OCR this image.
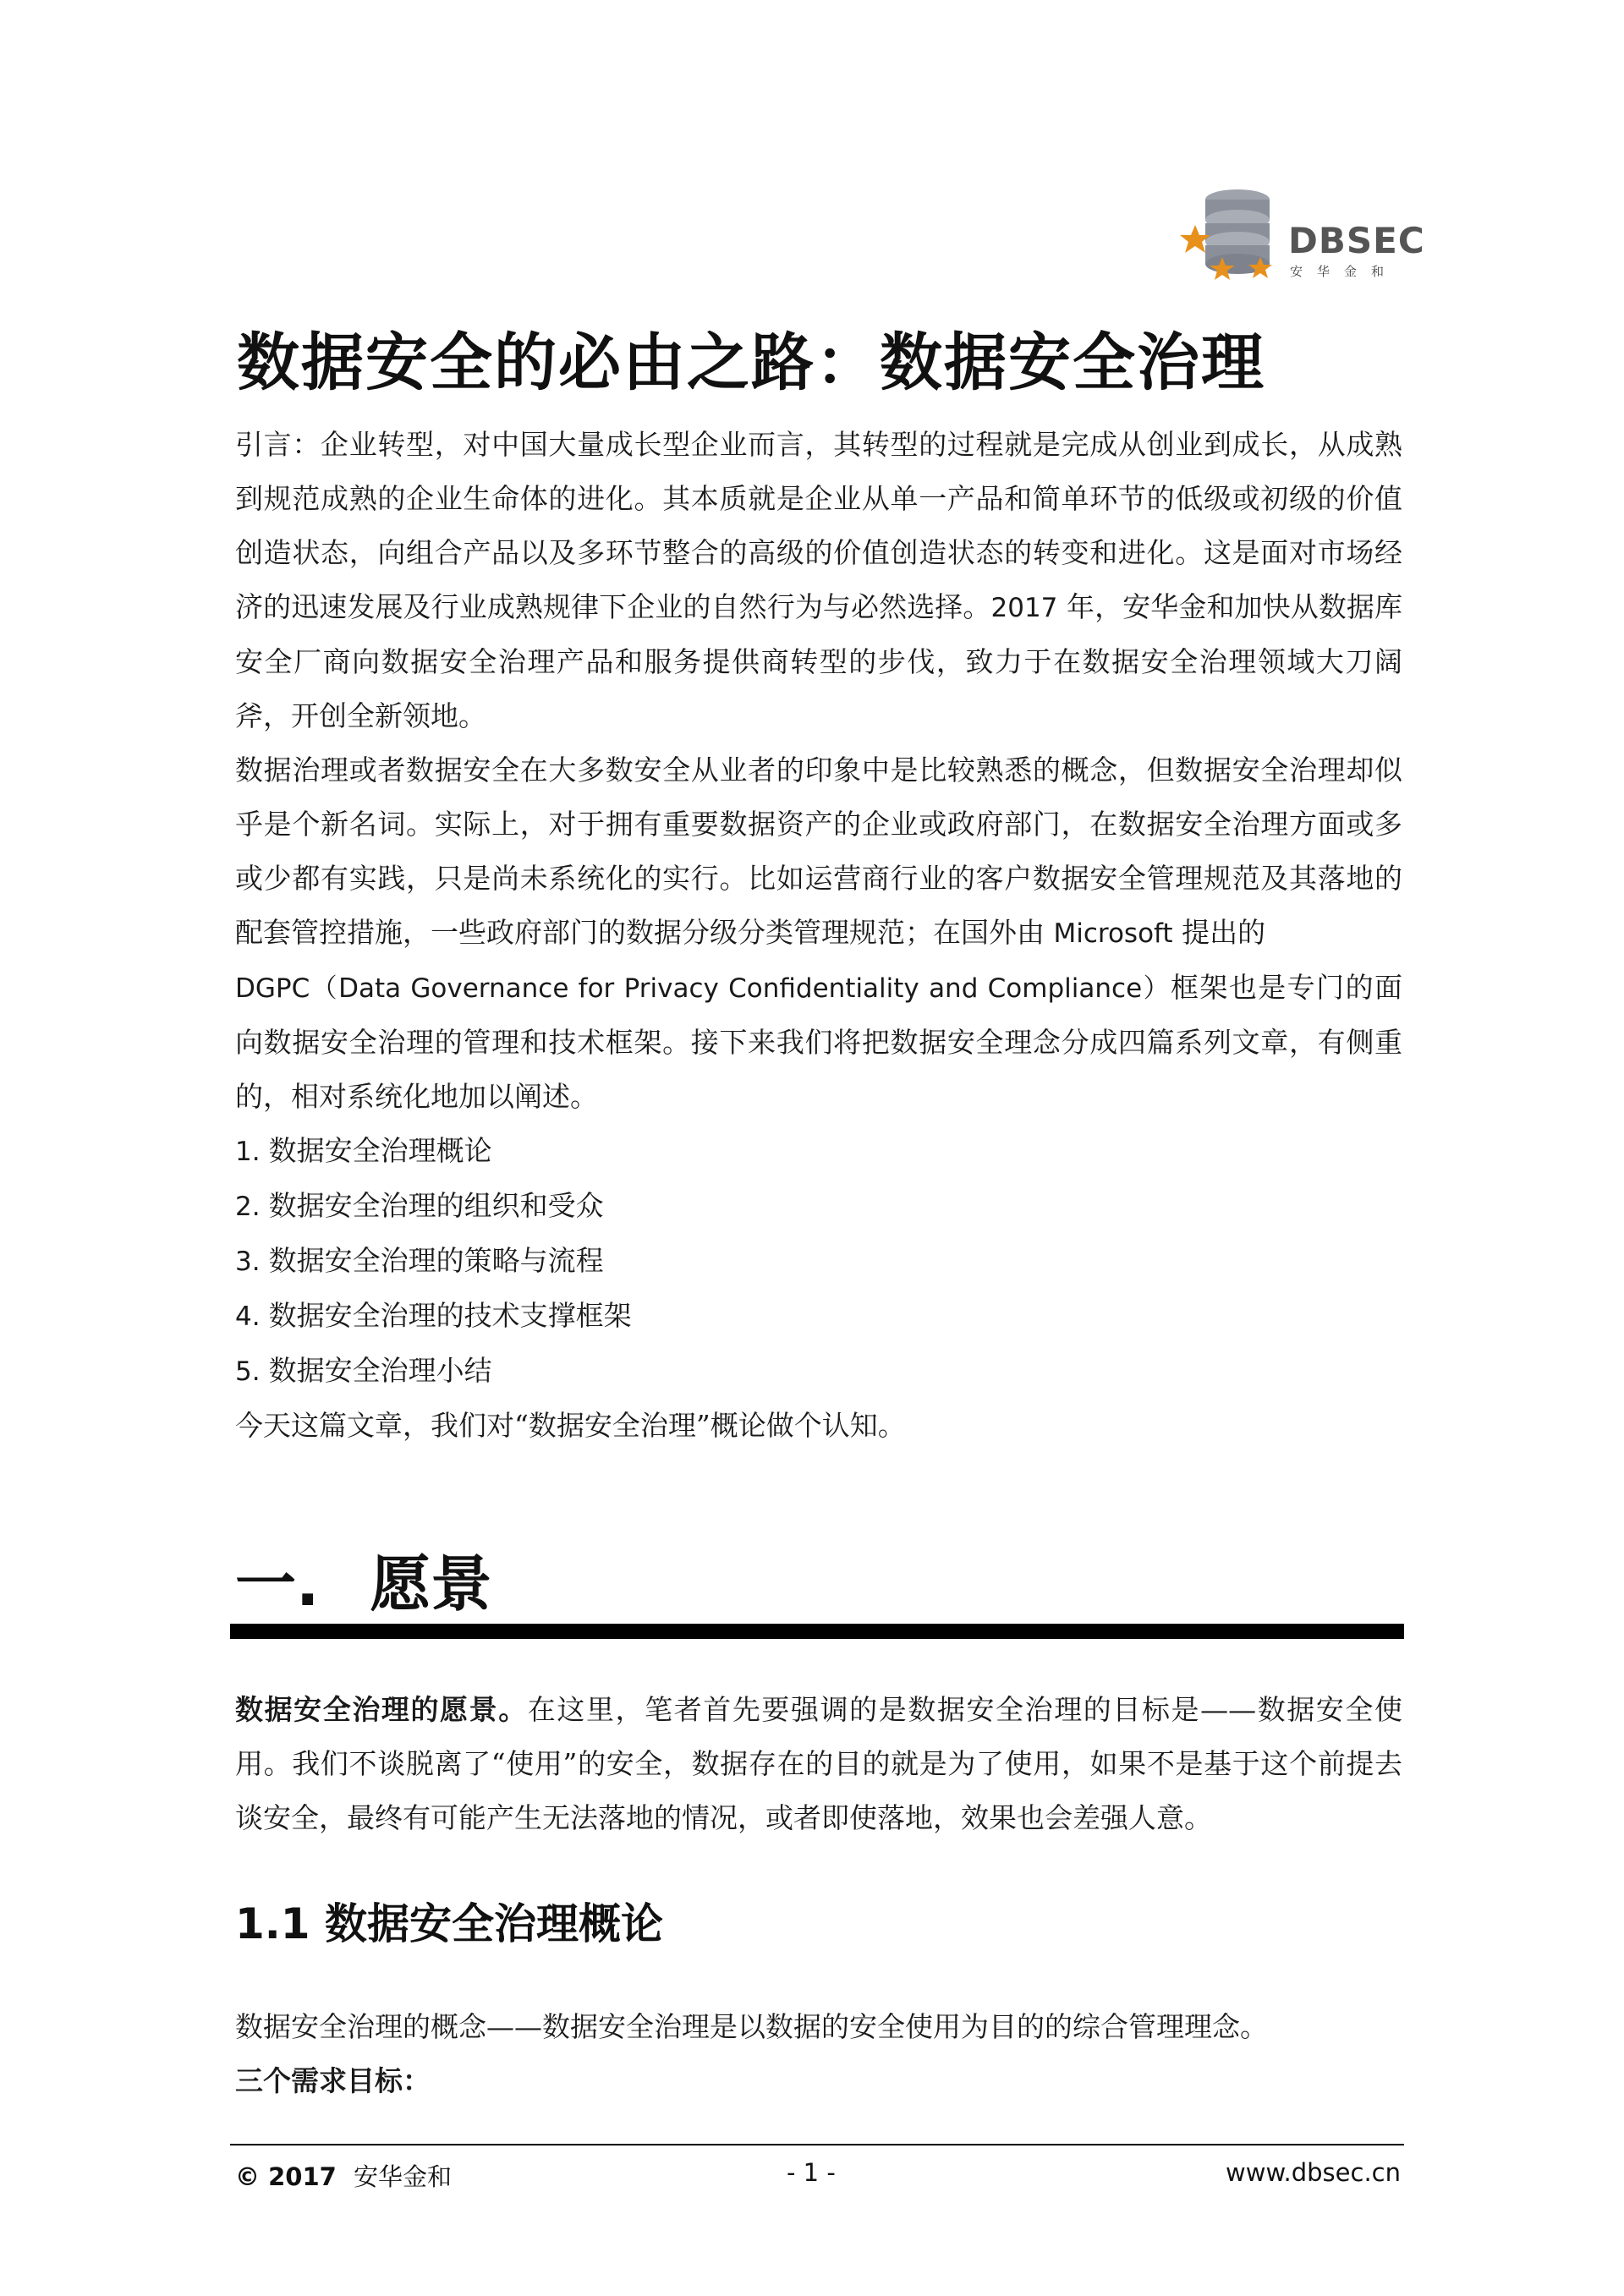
DBSEC
安华金和
数据安全的必由之路：数据安全治理

引言：企业转型，对中国大量成长型企业而言，其转型的过程就是完成从创业到成长，从成熟到规范成熟的企业生命体的进化。其本质就是企业从单一产品和简单环节的低级或初级的价值创造状态，向组合产品以及多环节整合的高级的价值创造状态的转变和进化。这是面对市场经济的迅速发展及行业成熟规律下企业的自然行为与必然选择。2017 年，安华金和加快从数据库安全厂商向数据安全治理产品和服务提供商转型的步伐，致力于在数据安全治理领域大刀阔斧，开创全新领地。

数据治理或者数据安全在大多数安全从业者的印象中是比较熟悉的概念，但数据安全治理却似乎是个新名词。实际上，对于拥有重要数据资产的企业或政府部门，在数据安全治理方面或多或少都有实践，只是尚未系统化的实行。比如运营商行业的客户数据安全管理规范及其落地的配套管控措施，一些政府部门的数据分级分类管理规范；在国外由 Microsoft 提出的
DGPC（Data Governance for Privacy Confidentiality and Compliance）框架也是专门的面向数据安全治理的管理和技术框架。接下来我们将把数据安全理念分成四篇系列文章，有侧重的，相对系统化地加以阐述。

1. 数据安全治理概论
2. 数据安全治理的组织和受众
3. 数据安全治理的策略与流程
4. 数据安全治理的技术支撑框架
5. 数据安全治理小结

今天这篇文章，我们对“数据安全治理”概论做个认知。

一. 愿景

数据安全治理的愿景。在这里，笔者首先要强调的是数据安全治理的目标是——数据安全使用。我们不谈脱离了“使用”的安全，数据存在的目的就是为了使用，如果不是基于这个前提去谈安全，最终有可能产生无法落地的情况，或者即使落地，效果也会差强人意。

1.1 数据安全治理概论

数据安全治理的概念——数据安全治理是以数据的安全使用为目的的综合管理理念。

三个需求目标：

© 2017 安华金和	- 1 -	www.dbsec.cn
